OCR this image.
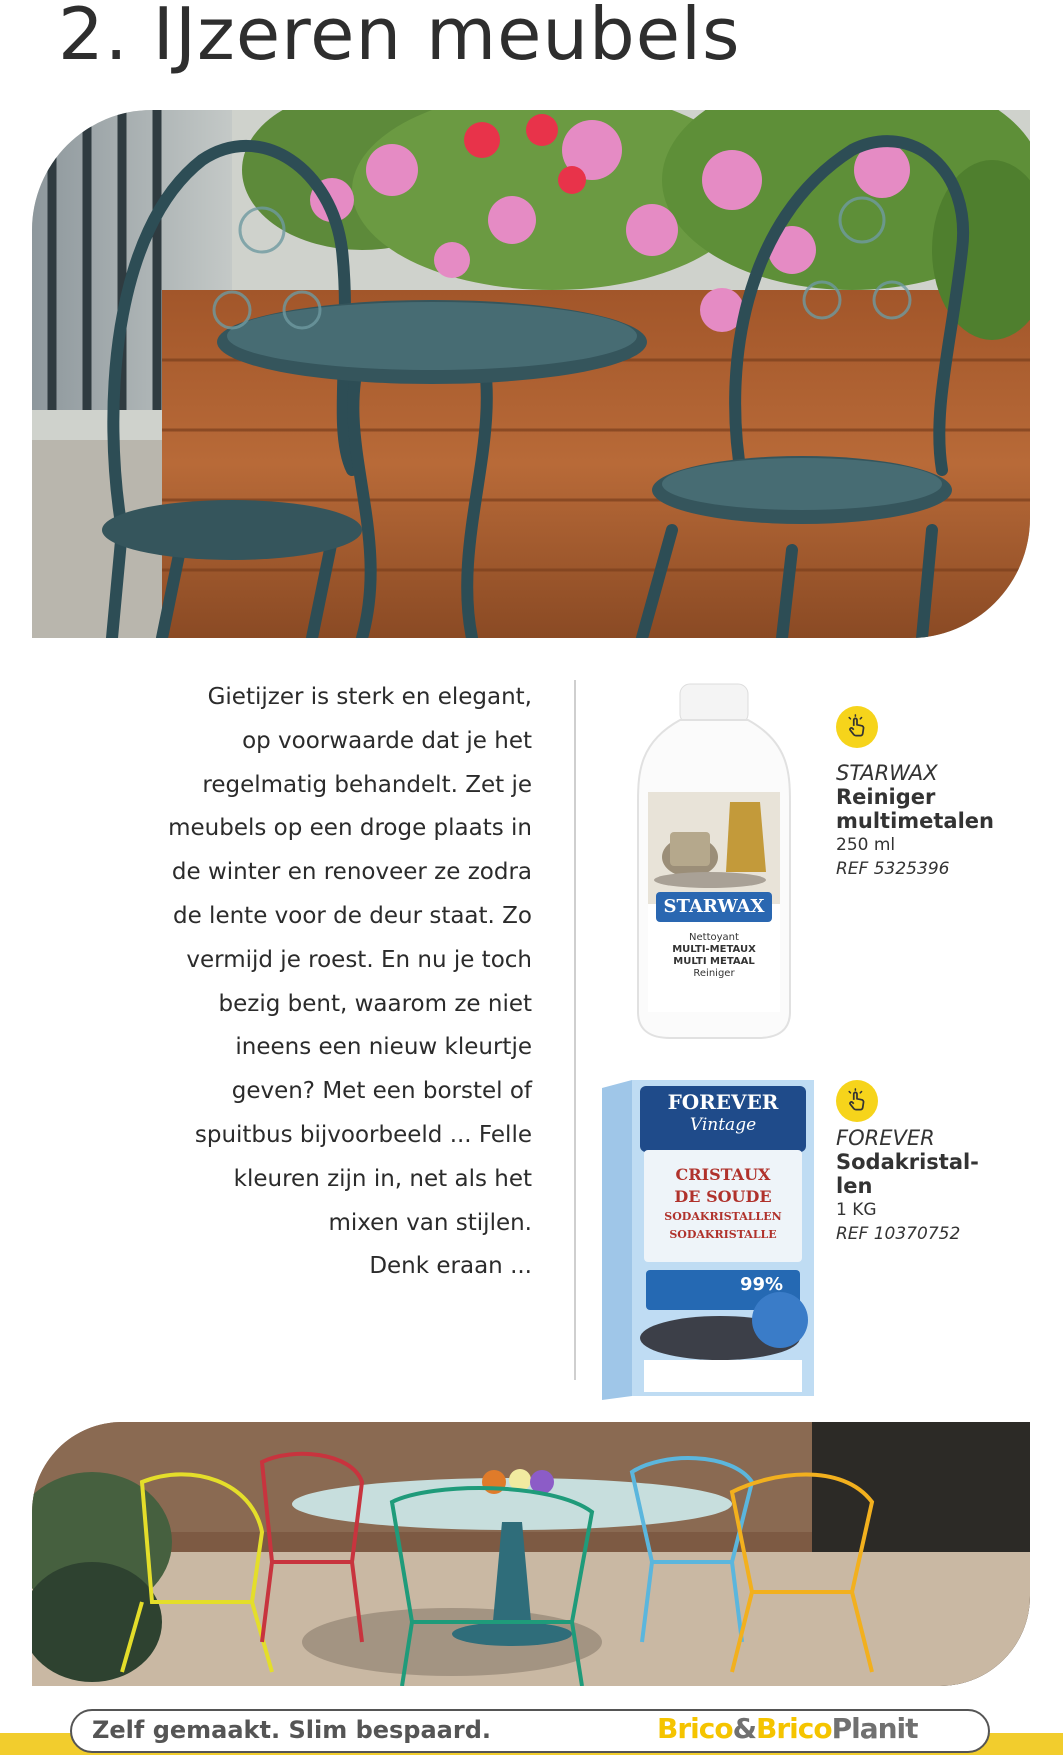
2. IJzeren meubels
Gietijzer is sterk en elegant,
op voorwaarde dat je het
regelmatig behandelt. Zet je
meubels op een droge plaats in
de winter en renoveer ze zodra
de lente voor de deur staat. Zo
vermijd je roest. En nu je toch
bezig bent, waarom ze niet
ineens een nieuw kleurtje
geven? Met een borstel of
spuitbus bijvoorbeeld ... Felle
kleuren zijn in, net als het
mixen van stijlen.
Denk eraan ...
STARWAX
Nettoyant
MULTI-METAUX
MULTI METAAL
Reiniger
STARWAX
Reiniger
multimetalen
250 ml
REF 5325396
FOREVER
Vintage
CRISTAUX
DE SOUDE
SODAKRISTALLEN
SODAKRISTALLE
99%
FOREVER
Sodakristal-
len
1 KG
REF 10370752
Zelf gemaakt. Slim bespaard.	Brico&BricoPlanit
